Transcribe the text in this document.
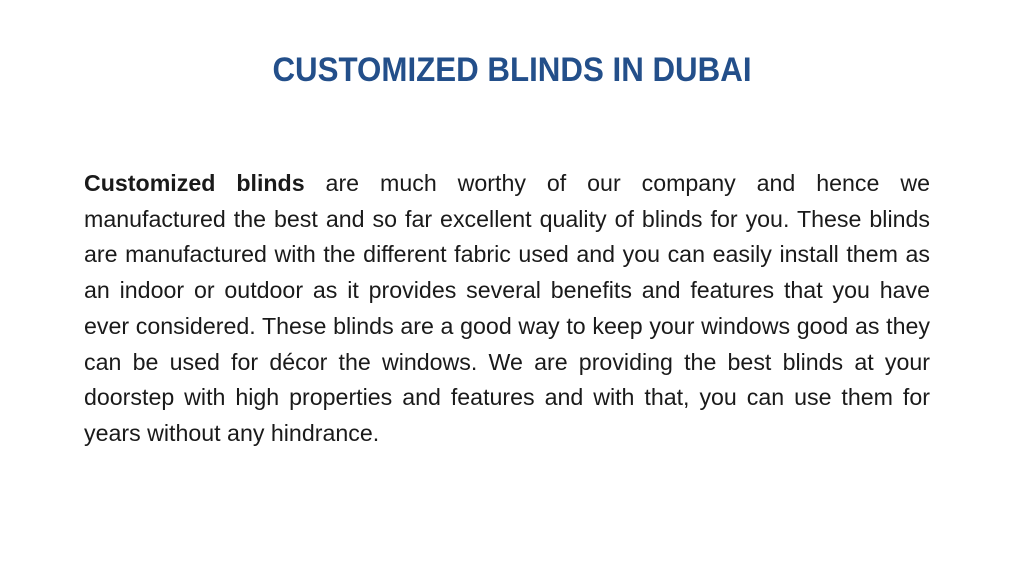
CUSTOMIZED BLINDS IN DUBAI

Customized blinds are much worthy of our company and hence we manufactured the best and so far excellent quality of blinds for you. These blinds are manufactured with the different fabric used and you can easily install them as an indoor or outdoor as it provides several benefits and features that you have ever considered. These blinds are a good way to keep your windows good as they can be used for décor the windows. We are providing the best blinds at your doorstep with high properties and features and with that, you can use them for years without any hindrance.
